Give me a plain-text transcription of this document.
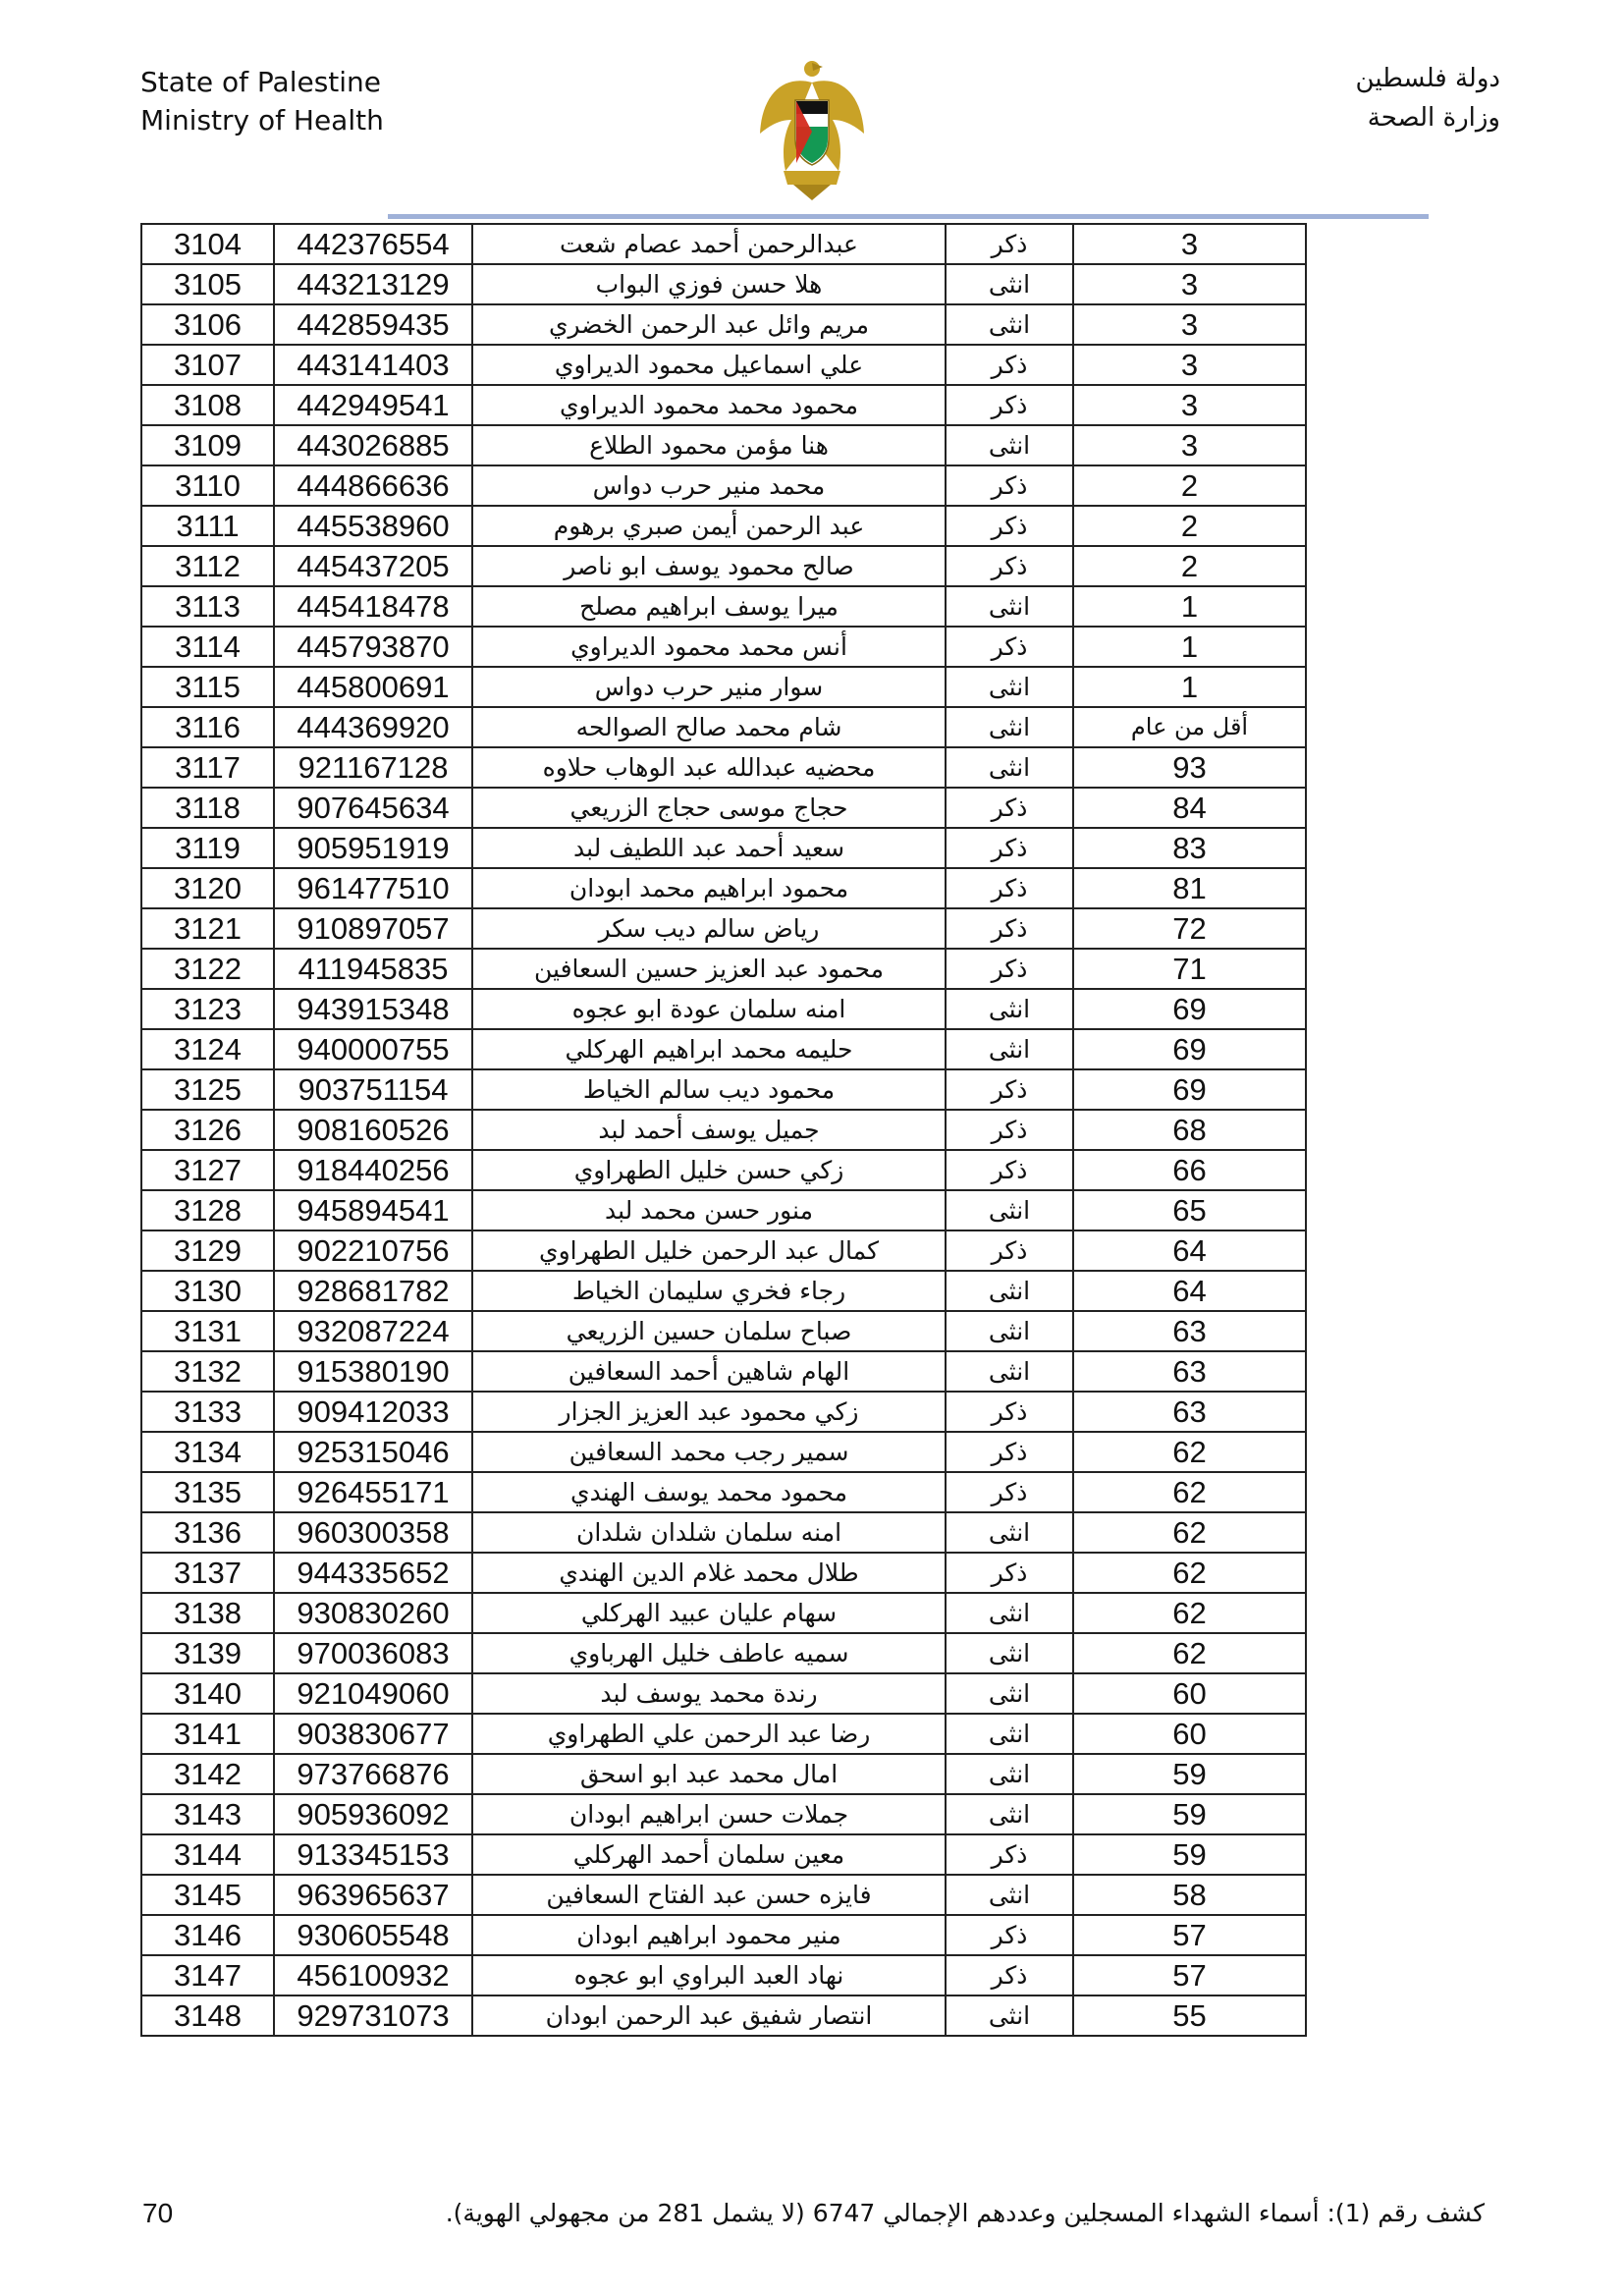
State of Palestine
Ministry of Health
دولة فلسطين
وزارة الصحة
3104	442376554	عبدالرحمن أحمد عصام شعت	ذكر	3
3105	443213129	هلا حسن فوزي البواب	انثى	3
3106	442859435	مريم وائل عبد الرحمن الخضري	انثى	3
3107	443141403	علي اسماعيل محمود الديراوي	ذكر	3
3108	442949541	محمود محمد محمود الديراوي	ذكر	3
3109	443026885	هنا مؤمن محمود الطلاع	انثى	3
3110	444866636	محمد منير حرب دواس	ذكر	2
3111	445538960	عبد الرحمن أيمن صبري برهوم	ذكر	2
3112	445437205	صالح محمود يوسف ابو ناصر	ذكر	2
3113	445418478	ميرا يوسف ابراهيم مصلح	انثى	1
3114	445793870	أنس محمد محمود الديراوي	ذكر	1
3115	445800691	سوار منير حرب دواس	انثى	1
3116	444369920	شام محمد صالح الصوالحه	انثى	أقل من عام
3117	921167128	محضيه عبدالله عبد الوهاب حلاوه	انثى	93
3118	907645634	حجاج موسى حجاج الزريعي	ذكر	84
3119	905951919	سعيد أحمد عبد اللطيف لبد	ذكر	83
3120	961477510	محمود ابراهيم محمد ابودان	ذكر	81
3121	910897057	رياض سالم ديب سكر	ذكر	72
3122	411945835	محمود عبد العزيز حسين السعافين	ذكر	71
3123	943915348	امنه سلمان عودة ابو عجوه	انثى	69
3124	940000755	حليمه محمد ابراهيم الهركلي	انثى	69
3125	903751154	محمود ديب سالم الخياط	ذكر	69
3126	908160526	جميل يوسف أحمد لبد	ذكر	68
3127	918440256	زكي حسن خليل الطهراوي	ذكر	66
3128	945894541	منور حسن محمد لبد	انثى	65
3129	902210756	كمال عبد الرحمن خليل الطهراوي	ذكر	64
3130	928681782	رجاء فخري سليمان الخياط	انثى	64
3131	932087224	صباح سلمان حسين الزريعي	انثى	63
3132	915380190	الهام شاهين أحمد السعافين	انثى	63
3133	909412033	زكي محمود عبد العزيز الجزار	ذكر	63
3134	925315046	سمير رجب محمد السعافين	ذكر	62
3135	926455171	محمود محمد يوسف الهندي	ذكر	62
3136	960300358	امنه سلمان شلدان شلدان	انثى	62
3137	944335652	طلال محمد غلام الدين الهندي	ذكر	62
3138	930830260	سهام عليان عبيد الهركلي	انثى	62
3139	970036083	سميه عاطف خليل الهرباوي	انثى	62
3140	921049060	رندة محمد يوسف لبد	انثى	60
3141	903830677	رضا عبد الرحمن علي الطهراوي	انثى	60
3142	973766876	امال محمد عبد ابو اسحق	انثى	59
3143	905936092	جملات حسن ابراهيم ابودان	انثى	59
3144	913345153	معين سلمان أحمد الهركلي	ذكر	59
3145	963965637	فايزه حسن عبد الفتاح السعافين	انثى	58
3146	930605548	منير محمود ابراهيم ابودان	ذكر	57
3147	456100932	نهاد العبد البراوي ابو عجوه	ذكر	57
3148	929731073	انتصار شفيق عبد الرحمن ابودان	انثى	55
70	كشف رقم (1): أسماء الشهداء المسجلين وعددهم الإجمالي 6747 (لا يشمل 281 من مجهولي الهوية).
